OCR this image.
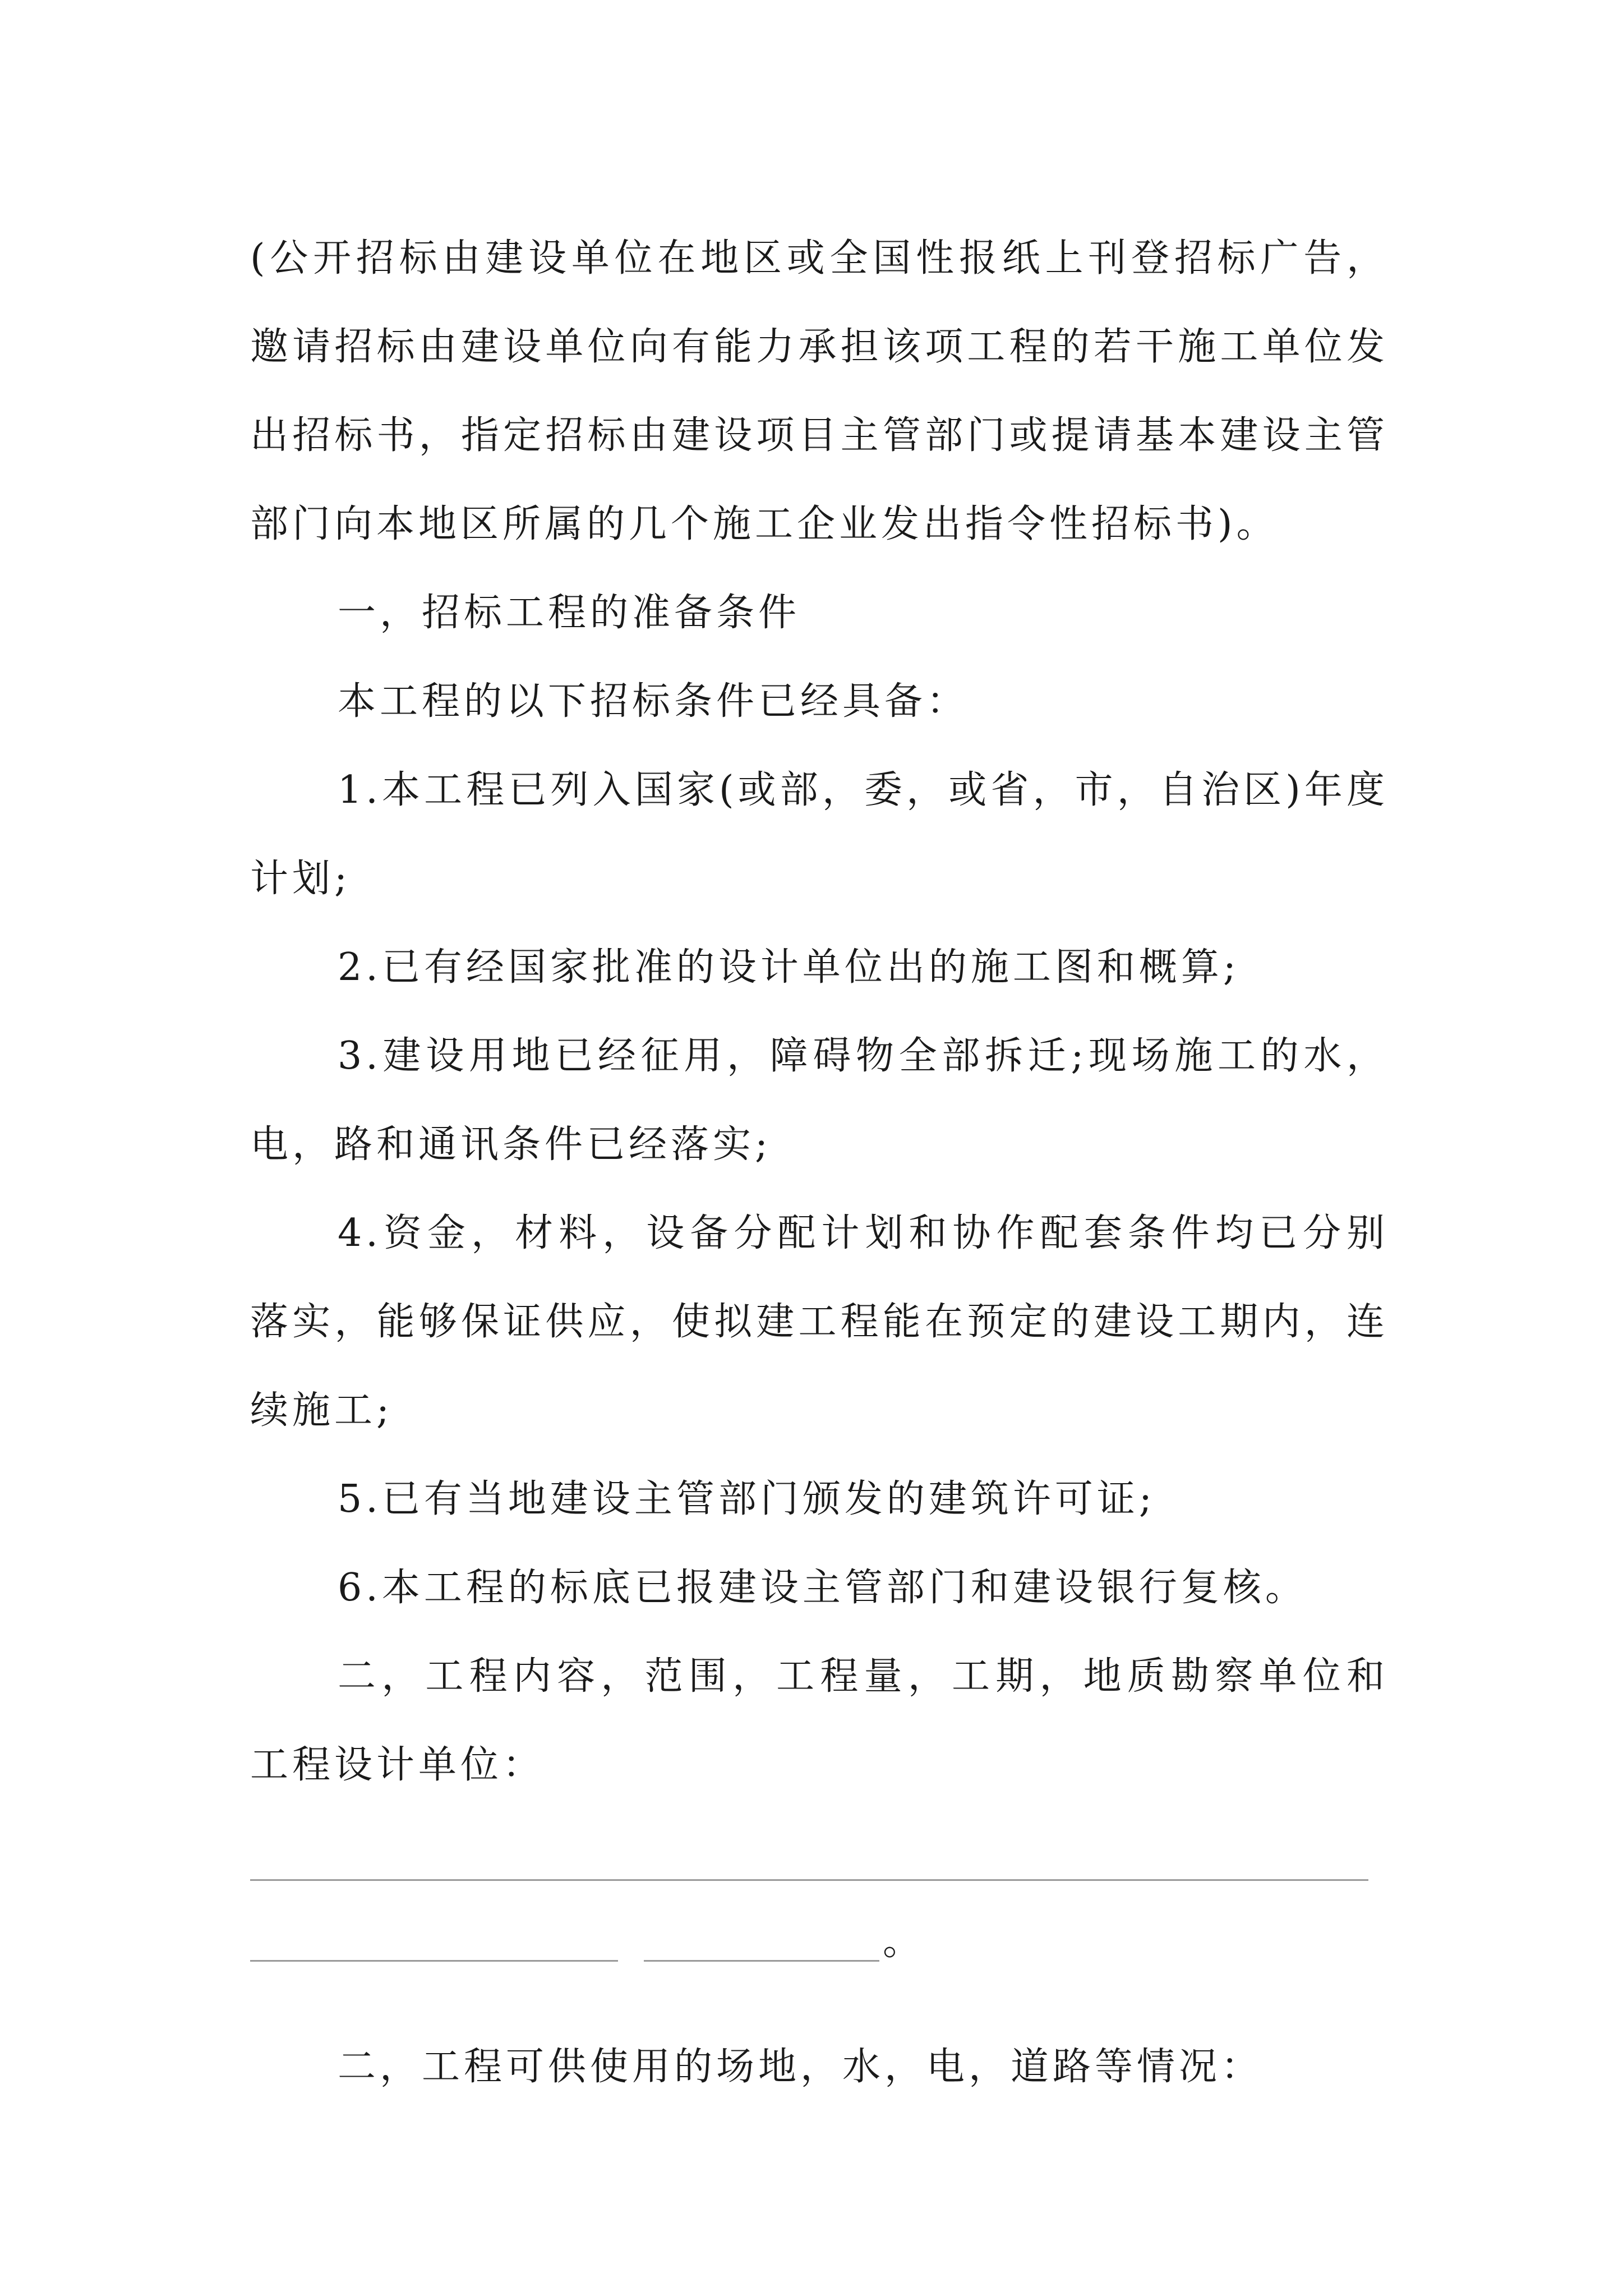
(公开招标由建设单位在地区或全国性报纸上刊登招标广告，邀请招标由建设单位向有能力承担该项工程的若干施工单位发出招标书，指定招标由建设项目主管部门或提请基本建设主管部门向本地区所属的几个施工企业发出指令性招标书)。

一，招标工程的准备条件

本工程的以下招标条件已经具备：

1.本工程已列入国家(或部，委，或省，市，自治区)年度计划;

2.已有经国家批准的设计单位出的施工图和概算;

3.建设用地已经征用，障碍物全部拆迁;现场施工的水，电，路和通讯条件已经落实;

4.资金，材料，设备分配计划和协作配套条件均已分别落实，能够保证供应，使拟建工程能在预定的建设工期内，连续施工;

5.已有当地建设主管部门颁发的建筑许可证;

6.本工程的标底已报建设主管部门和建设银行复核。

二，工程内容，范围，工程量，工期，地质勘察单位和工程设计单位：

。

二，工程可供使用的场地，水，电，道路等情况：
